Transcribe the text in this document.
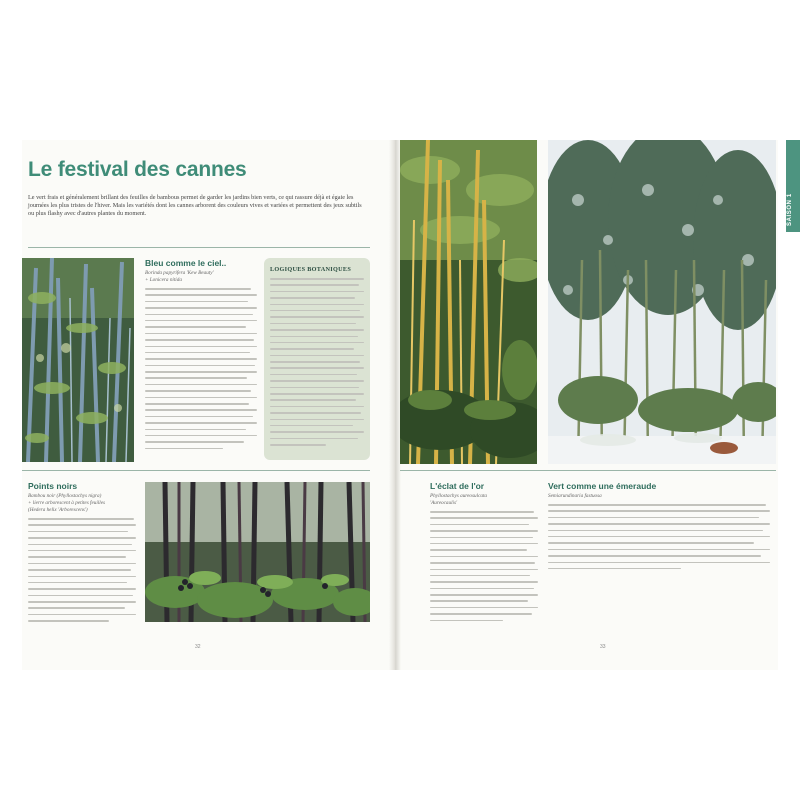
SAISON 1
Le festival des cannes
Le vert frais et généralement brillant des feuilles de bambous permet de garder les jardins bien verts, ce qui rassure déjà et égaie les journées les plus tristes de l'hiver. Mais les variétés dont les cannes arborent des couleurs vives et variées et permettent des jeux subtils ou plus flashy avec d'autres plantes du moment.
Bleu comme le ciel..
Borinda papyrifera 'Kew Beauty'
+ Lonicera nitida
LOGIQUES BOTANIQUES
Points noirs
Bambou noir (Phyllostachys nigra)
+ lierre arborescent à petites feuilles
(Hedera helix 'Arborescens')
32
L'éclat de l'or
Phyllostachys aureosulcata
'Aureocaulis'
Vert comme une émeraude
Semiarundinaria fastuosa
33
